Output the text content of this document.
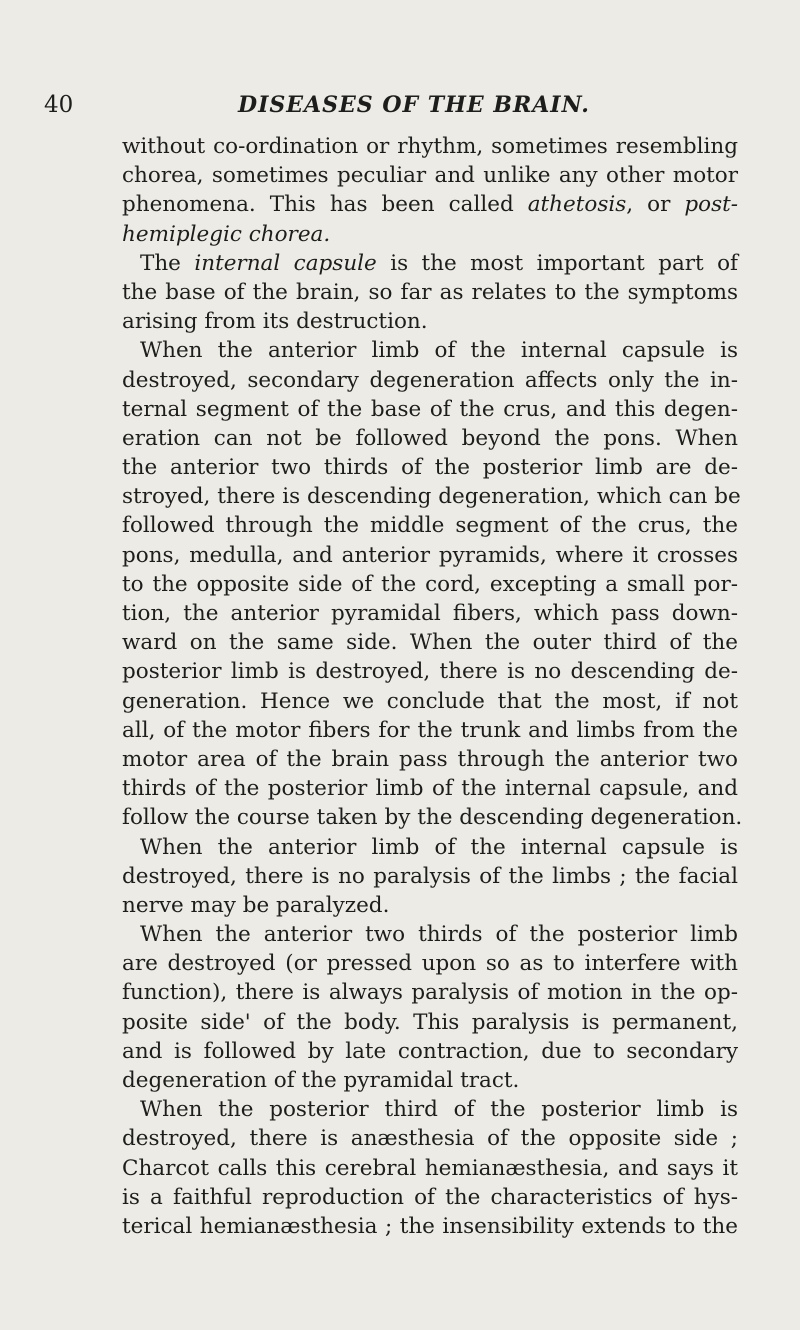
40	DISEASES OF THE BRAIN.
without co-ordination or rhythm, sometimes resembling
chorea, sometimes peculiar and unlike any other motor
phenomena. This has been called athetosis, or post-
hemiplegic chorea.
The internal capsule is the most important part of
the base of the brain, so far as relates to the symptoms
arising from its destruction.
When the anterior limb of the internal capsule is
destroyed, secondary degeneration affects only the in-
ternal segment of the base of the crus, and this degen-
eration can not be followed beyond the pons. When
the anterior two thirds of the posterior limb are de-
stroyed, there is descending degeneration, which can be
followed through the middle segment of the crus, the
pons, medulla, and anterior pyramids, where it crosses
to the opposite side of the cord, excepting a small por-
tion, the anterior pyramidal fibers, which pass down-
ward on the same side. When the outer third of the
posterior limb is destroyed, there is no descending de-
generation. Hence we conclude that the most, if not
all, of the motor fibers for the trunk and limbs from the
motor area of the brain pass through the anterior two
thirds of the posterior limb of the internal capsule, and
follow the course taken by the descending degeneration.
When the anterior limb of the internal capsule is
destroyed, there is no paralysis of the limbs ; the facial
nerve may be paralyzed.
When the anterior two thirds of the posterior limb
are destroyed (or pressed upon so as to interfere with
function), there is always paralysis of motion in the op-
posite side' of the body. This paralysis is permanent,
and is followed by late contraction, due to secondary
degeneration of the pyramidal tract.
When the posterior third of the posterior limb is
destroyed, there is anæsthesia of the opposite side ;
Charcot calls this cerebral hemianæsthesia, and says it
is a faithful reproduction of the characteristics of hys-
terical hemianæsthesia ; the insensibility extends to the
